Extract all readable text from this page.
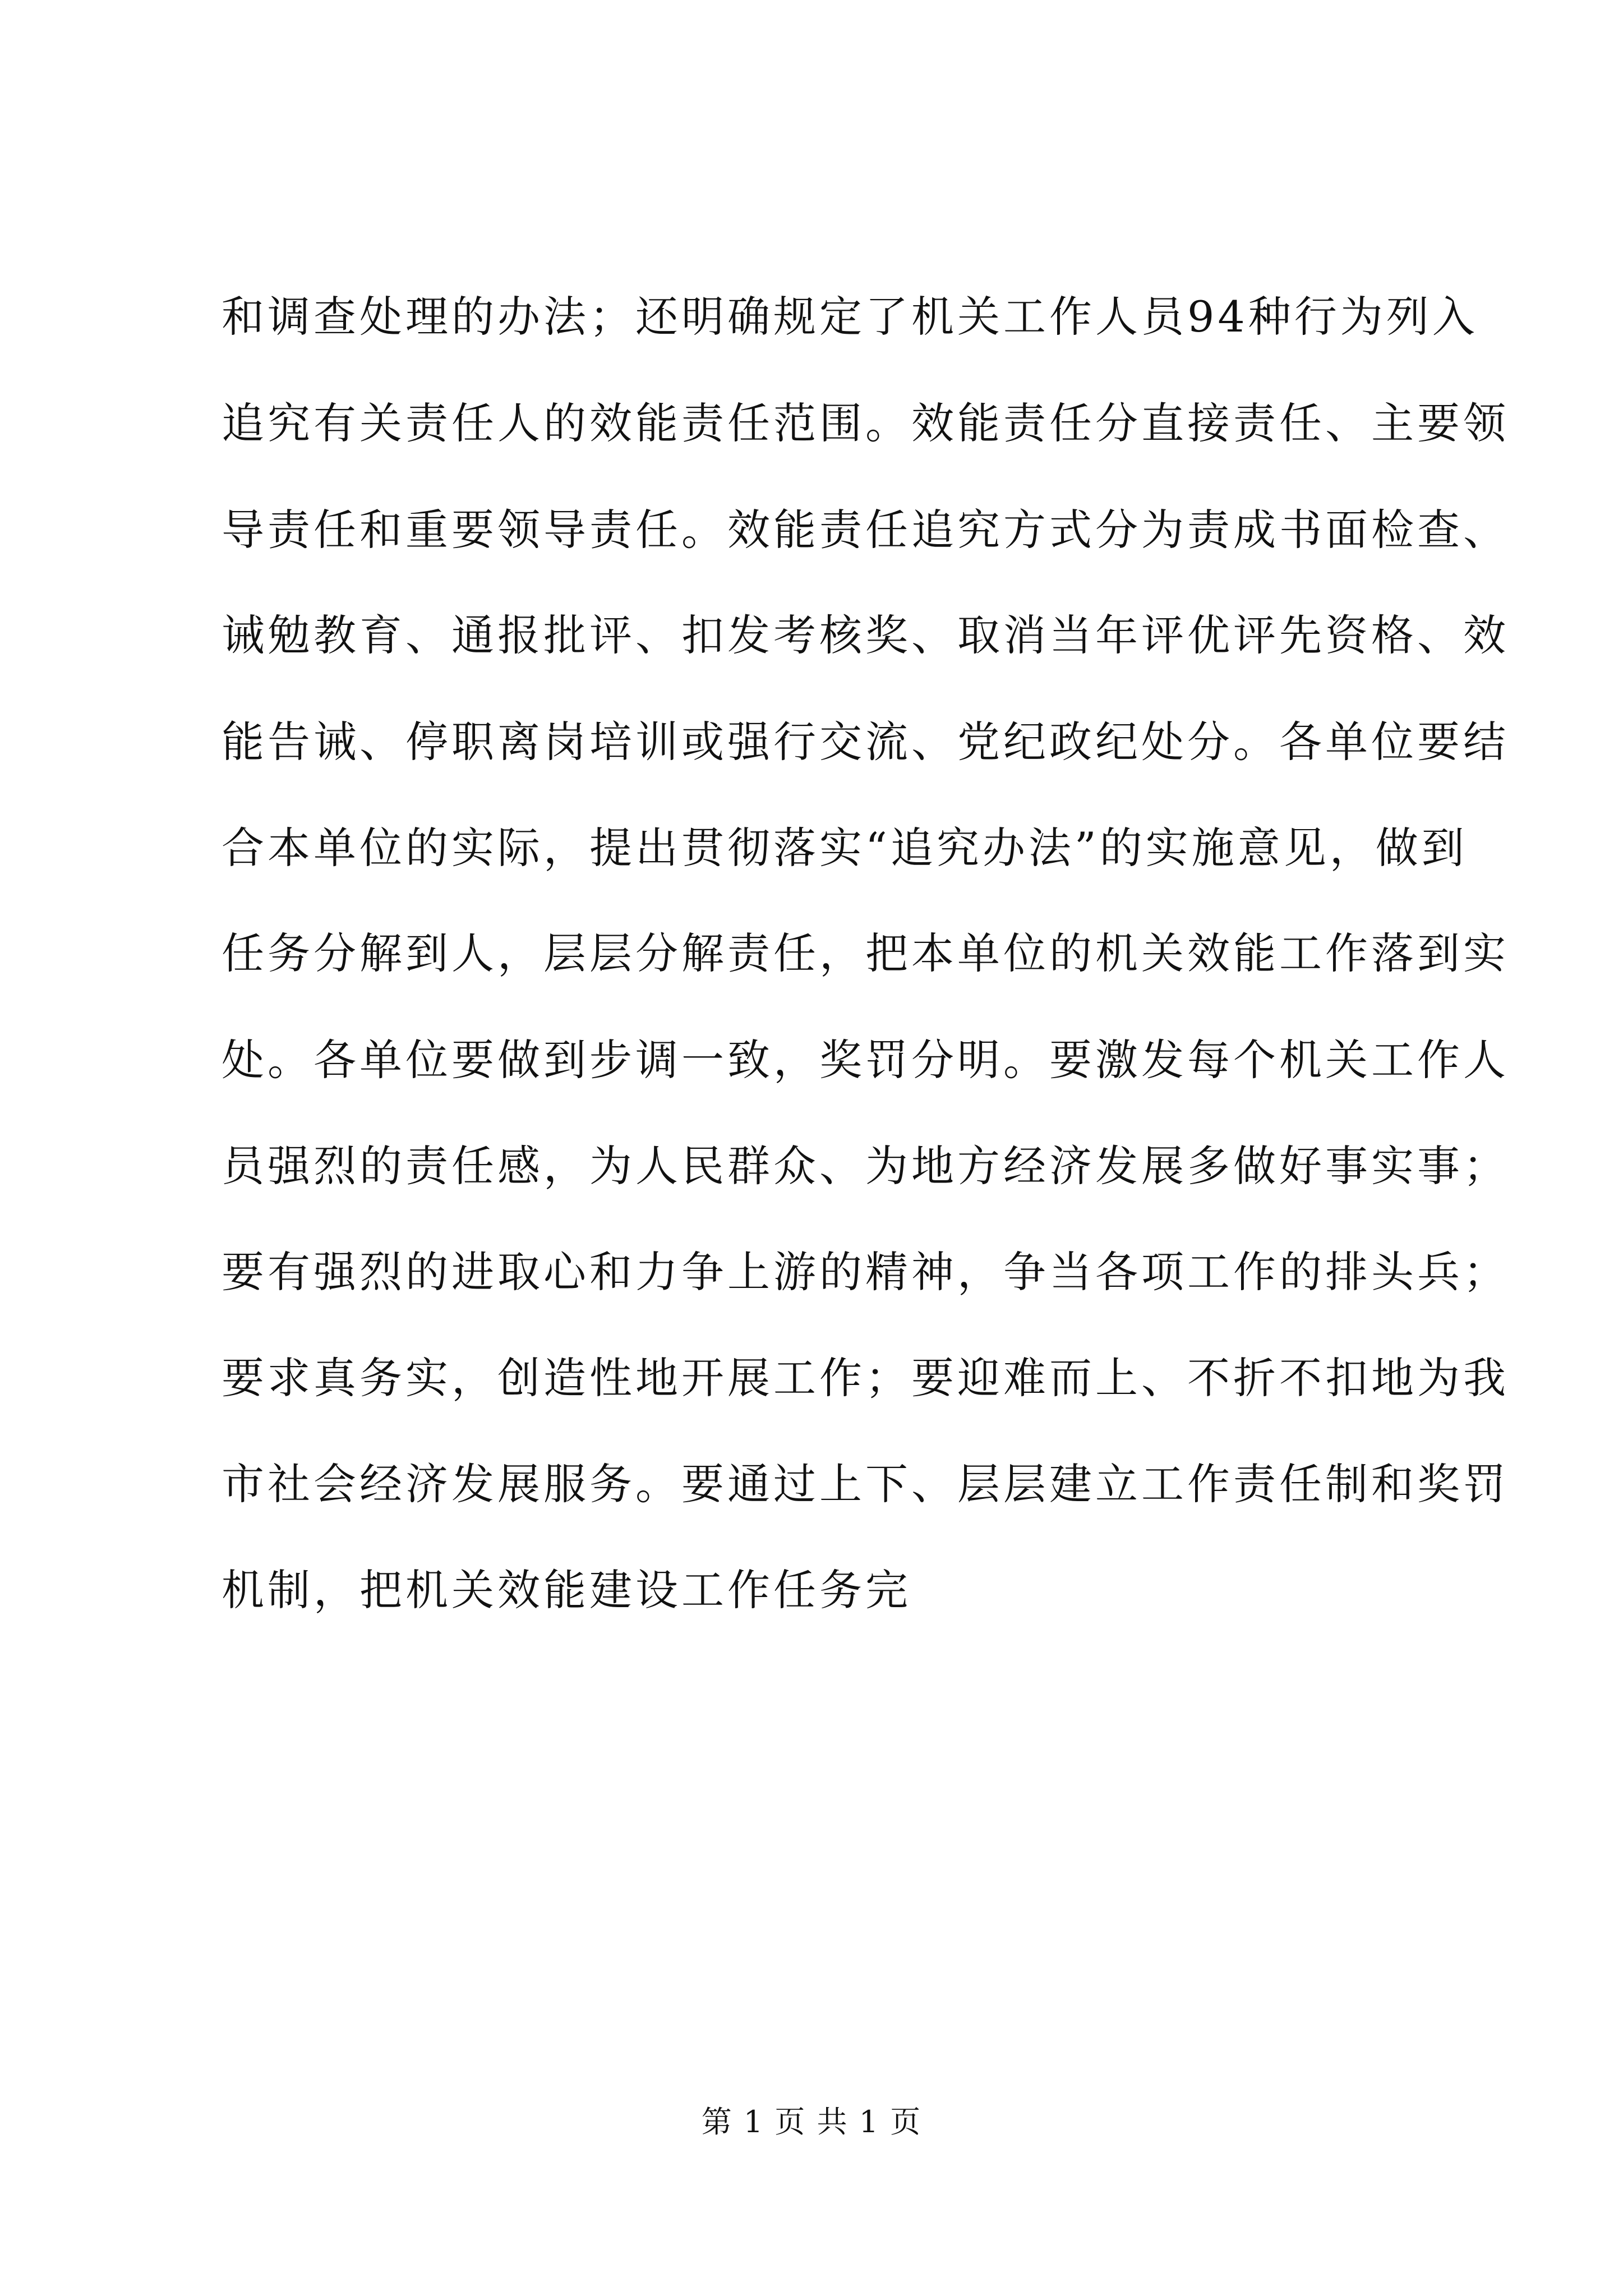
和调查处理的办法；还明确规定了机关工作人员94种行为列入
追究有关责任人的效能责任范围。效能责任分直接责任、主要领
导责任和重要领导责任。效能责任追究方式分为责成书面检查、
诫勉教育、通报批评、扣发考核奖、取消当年评优评先资格、效
能告诫、停职离岗培训或强行交流、党纪政纪处分。各单位要结
合本单位的实际，提出贯彻落实“追究办法”的实施意见，做到
任务分解到人，层层分解责任，把本单位的机关效能工作落到实
处。各单位要做到步调一致，奖罚分明。要激发每个机关工作人
员强烈的责任感，为人民群众、为地方经济发展多做好事实事；
要有强烈的进取心和力争上游的精神，争当各项工作的排头兵；
要求真务实，创造性地开展工作；要迎难而上、不折不扣地为我
市社会经济发展服务。要通过上下、层层建立工作责任制和奖罚
机制，把机关效能建设工作任务完
第 1 页 共 1 页
